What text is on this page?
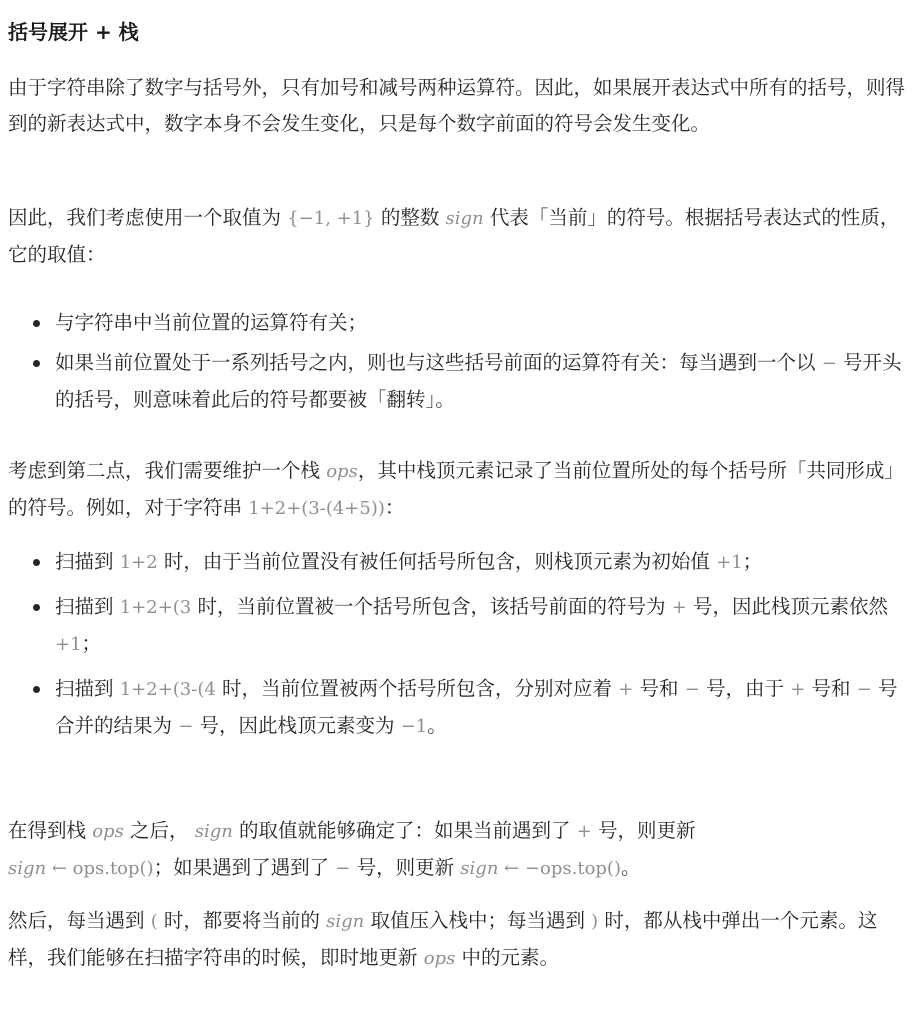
括号展开 + 栈
由于字符串除了数字与括号外，只有加号和减号两种运算符。因此，如果展开表达式中所有的括号，则得到的新表达式中，数字本身不会发生变化，只是每个数字前面的符号会发生变化。
因此，我们考虑使用一个取值为 {−1, +1} 的整数 sign 代表「当前」的符号。根据括号表达式的性质，它的取值：
与字符串中当前位置的运算符有关；
如果当前位置处于一系列括号之内，则也与这些括号前面的运算符有关：每当遇到一个以 − 号开头的括号，则意味着此后的符号都要被「翻转」。
考虑到第二点，我们需要维护一个栈 ops，其中栈顶元素记录了当前位置所处的每个括号所「共同形成」的符号。例如，对于字符串 1+2+(3-(4+5))：
扫描到 1+2 时，由于当前位置没有被任何括号所包含，则栈顶元素为初始值 +1；
扫描到 1+2+(3 时，当前位置被一个括号所包含，该括号前面的符号为 + 号，因此栈顶元素依然 +1；
扫描到 1+2+(3-(4 时，当前位置被两个括号所包含，分别对应着 + 号和 − 号，由于 + 号和 − 号合并的结果为 − 号，因此栈顶元素变为 −1。
在得到栈 ops 之后， sign 的取值就能够确定了：如果当前遇到了 + 号，则更新
sign ← ops.top()；如果遇到了遇到了 − 号，则更新 sign ← −ops.top()。
然后，每当遇到 ( 时，都要将当前的 sign 取值压入栈中；每当遇到 ) 时，都从栈中弹出一个元素。这样，我们能够在扫描字符串的时候，即时地更新 ops 中的元素。
